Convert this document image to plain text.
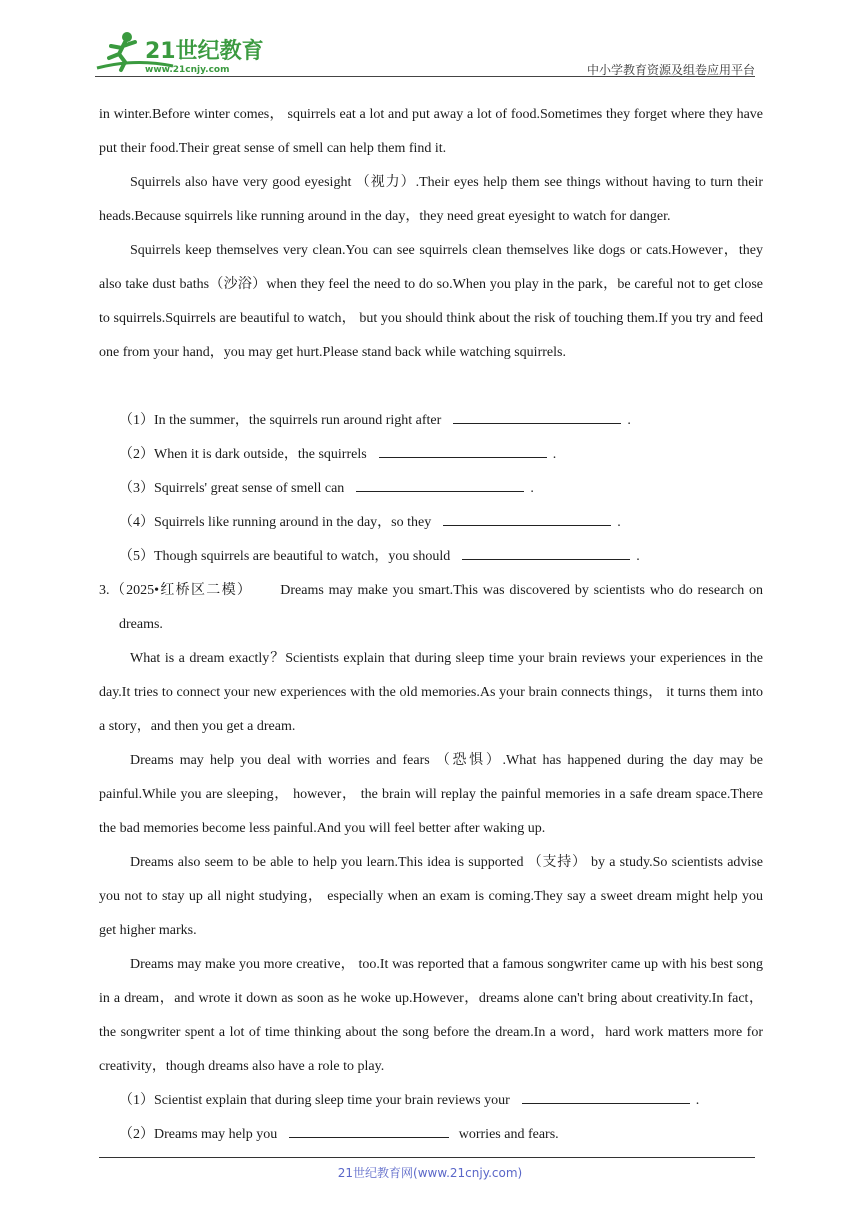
21世纪教育
www.21cnjy.com	中小学教育资源及组卷应用平台

in winter.Before winter comes， squirrels eat a lot and put away a lot of food.Sometimes they forget where they have put their food.Their great sense of smell can help them find it.

Squirrels also have very good eyesight （视力）.Their eyes help them see things without having to turn their heads.Because squirrels like running around in the day，they need great eyesight to watch for danger.

Squirrels keep themselves very clean.You can see squirrels clean themselves like dogs or cats.However，they also take dust baths（沙浴）when they feel the need to do so.When you play in the park，be careful not to get close to squirrels.Squirrels are beautiful to watch， but you should think about the risk of touching them.If you try and feed one from your hand，you may get hurt.Please stand back while watching squirrels.

（1）In the summer，the squirrels run around right after	.

（2）When it is dark outside，the squirrels	.

（3）Squirrels' great sense of smell can	.

（4）Squirrels like running around in the day，so they	.

（5）Though squirrels are beautiful to watch，you should	.

3.（2025•红桥区二模） Dreams may make you smart.This was discovered by scientists who do research on dreams.

What is a dream exactly？Scientists explain that during sleep time your brain reviews your experiences in the day.It tries to connect your new experiences with the old memories.As your brain connects things， it turns them into a story，and then you get a dream.

Dreams may help you deal with worries and fears （恐惧）.What has happened during the day may be painful.While you are sleeping， however， the brain will replay the painful memories in a safe dream space.There the bad memories become less painful.And you will feel better after waking up.

Dreams also seem to be able to help you learn.This idea is supported （支持） by a study.So scientists advise you not to stay up all night studying， especially when an exam is coming.They say a sweet dream might help you get higher marks.

Dreams may make you more creative， too.It was reported that a famous songwriter came up with his best song in a dream，and wrote it down as soon as he woke up.However，dreams alone can't bring about creativity.In fact，the songwriter spent a lot of time thinking about the song before the dream.In a word，hard work matters more for creativity，though dreams also have a role to play.

（1）Scientist explain that during sleep time your brain reviews your	.

（2）Dreams may help you	worries and fears.

21世纪教育网(www.21cnjy.com)
